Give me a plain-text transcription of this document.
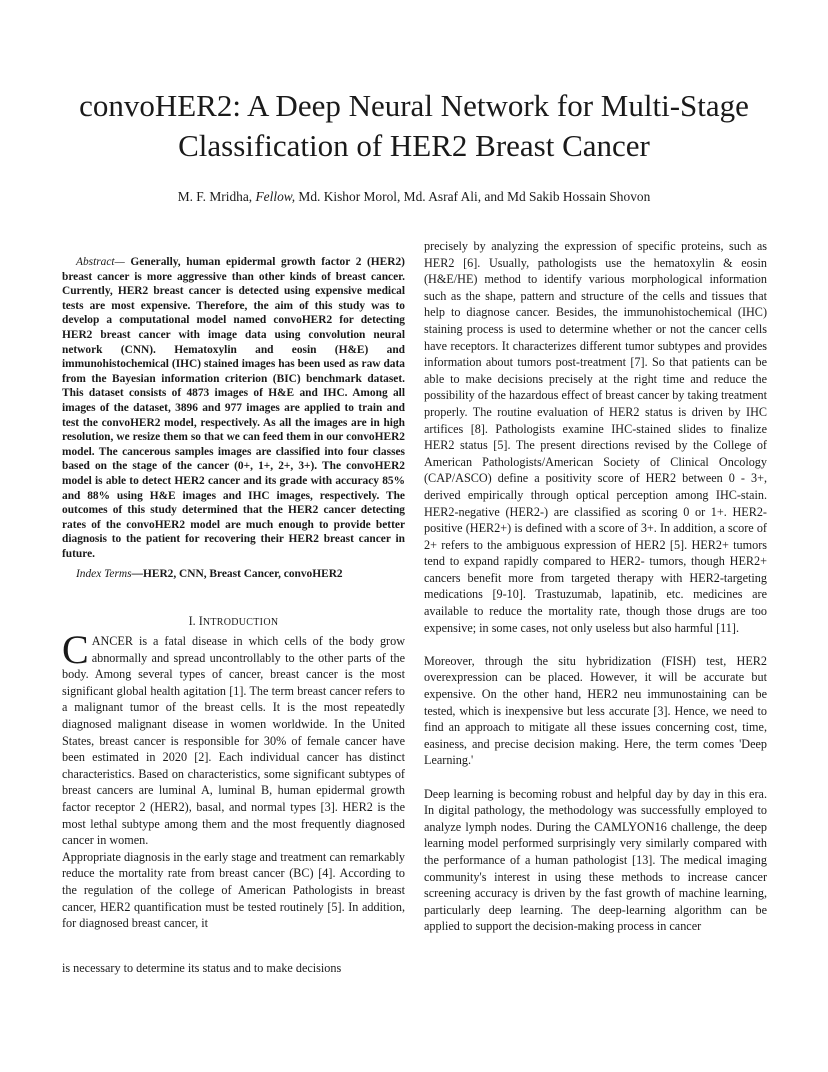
convoHER2: A Deep Neural Network for Multi-Stage Classification of HER2 Breast Cancer
M. F. Mridha, Fellow, Md. Kishor Morol, Md. Asraf Ali, and Md Sakib Hossain Shovon
Abstract— Generally, human epidermal growth factor 2 (HER2) breast cancer is more aggressive than other kinds of breast cancer. Currently, HER2 breast cancer is detected using expensive medical tests are most expensive. Therefore, the aim of this study was to develop a computational model named convoHER2 for detecting HER2 breast cancer with image data using convolution neural network (CNN). Hematoxylin and eosin (H&E) and immunohistochemical (IHC) stained images has been used as raw data from the Bayesian information criterion (BIC) benchmark dataset. This dataset consists of 4873 images of H&E and IHC. Among all images of the dataset, 3896 and 977 images are applied to train and test the convoHER2 model, respectively. As all the images are in high resolution, we resize them so that we can feed them in our convoHER2 model. The cancerous samples images are classified into four classes based on the stage of the cancer (0+, 1+, 2+, 3+). The convoHER2 model is able to detect HER2 cancer and its grade with accuracy 85% and 88% using H&E images and IHC images, respectively. The outcomes of this study determined that the HER2 cancer detecting rates of the convoHER2 model are much enough to provide better diagnosis to the patient for recovering their HER2 breast cancer in future.
Index Terms—HER2, CNN, Breast Cancer, convoHER2
I. INTRODUCTION

CANCER is a fatal disease in which cells of the body grow abnormally and spread uncontrollably to the other parts of the body. Among several types of cancer, breast cancer is the most significant global health agitation [1]. The term breast cancer refers to a malignant tumor of the breast cells. It is the most repeatedly diagnosed malignant disease in women worldwide. In the United States, breast cancer is responsible for 30% of female cancer have been estimated in 2020 [2]. Each individual cancer has distinct characteristics. Based on characteristics, some significant subtypes of breast cancers are luminal A, luminal B, human epidermal growth factor receptor 2 (HER2), basal, and normal types [3]. HER2 is the most lethal subtype among them and the most frequently diagnosed cancer in women.

Appropriate diagnosis in the early stage and treatment can remarkably reduce the mortality rate from breast cancer (BC) [4]. According to the regulation of the college of American Pathologists in breast cancer, HER2 quantification must be tested routinely [5]. In addition, for diagnosed breast cancer, it

is necessary to determine its status and to make decisions

precisely by analyzing the expression of specific proteins, such as HER2 [6]. Usually, pathologists use the hematoxylin & eosin (H&E/HE) method to identify various morphological information such as the shape, pattern and structure of the cells and tissues that help to diagnose cancer. Besides, the immunohistochemical (IHC) staining process is used to determine whether or not the cancer cells have receptors. It characterizes different tumor subtypes and provides information about tumors post-treatment [7]. So that patients can be able to make decisions precisely at the right time and reduce the possibility of the hazardous effect of breast cancer by taking treatment properly. The routine evaluation of HER2 status is driven by IHC artifices [8]. Pathologists examine IHC-stained slides to finalize HER2 status [5]. The present directions revised by the College of American Pathologists/American Society of Clinical Oncology (CAP/ASCO) define a positivity score of HER2 between 0 - 3+, derived empirically through optical perception among IHC-stain. HER2-negative (HER2-) are classified as scoring 0 or 1+. HER2-positive (HER2+) is defined with a score of 3+. In addition, a score of 2+ refers to the ambiguous expression of HER2 [5]. HER2+ tumors tend to expand rapidly compared to HER2- tumors, though HER2+ cancers benefit more from targeted therapy with HER2-targeting medications [9-10]. Trastuzumab, lapatinib, etc. medicines are available to reduce the mortality rate, though those drugs are too expensive; in some cases, not only useless but also harmful [11].

Moreover, through the situ hybridization (FISH) test, HER2 overexpression can be placed. However, it will be accurate but expensive. On the other hand, HER2 neu immunostaining can be tested, which is inexpensive but less accurate [3]. Hence, we need to find an approach to mitigate all these issues concerning cost, time, easiness, and precise decision making. Here, the term comes 'Deep Learning.'

Deep learning is becoming robust and helpful day by day in this era. In digital pathology, the methodology was successfully employed to analyze lymph nodes. During the CAMLYON16 challenge, the deep learning model performed surprisingly very similarly compared with the performance of a human pathologist [13]. The medical imaging community's interest in using these methods to increase cancer screening accuracy is driven by the fast growth of machine learning, particularly deep learning. The deep-learning algorithm can be applied to support the decision-making process in cancer
